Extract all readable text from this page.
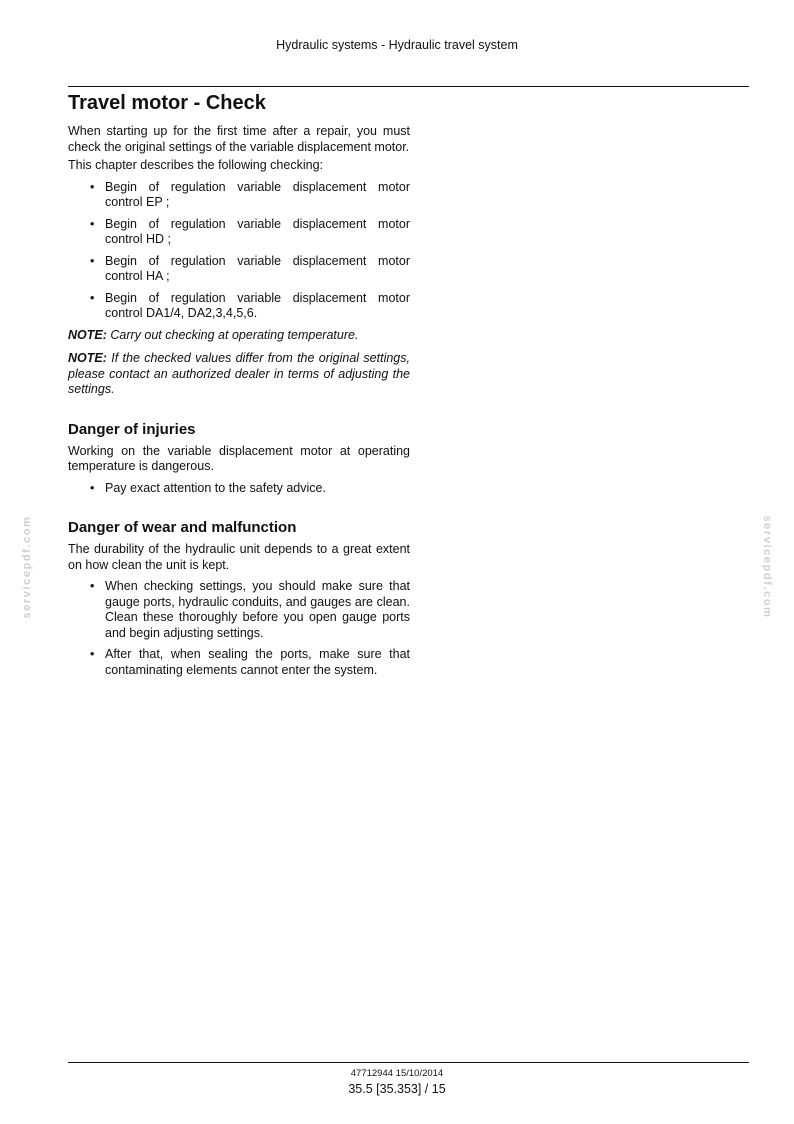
Hydraulic systems - Hydraulic travel system
Travel motor - Check

When starting up for the first time after a repair, you must check the original settings of the variable displacement motor.

This chapter describes the following checking:

• Begin of regulation variable displacement motor control EP ;
• Begin of regulation variable displacement motor control HD ;
• Begin of regulation variable displacement motor control HA ;
• Begin of regulation variable displacement motor control DA1/4, DA2,3,4,5,6.

NOTE: Carry out checking at operating temperature.

NOTE: If the checked values differ from the original settings, please contact an authorized dealer in terms of adjusting the settings.

Danger of injuries

Working on the variable displacement motor at operating temperature is dangerous.

• Pay exact attention to the safety advice.
Danger of wear and malfunction

The durability of the hydraulic unit depends to a great extent on how clean the unit is kept.

• When checking settings, you should make sure that gauge ports, hydraulic conduits, and gauges are clean. Clean these thoroughly before you open gauge ports and begin adjusting settings.
• After that, when sealing the ports, make sure that contaminating elements cannot enter the system.
servicepdf.com	servicepdf.com
47712944 15/10/2014
35.5 [35.353] / 15
